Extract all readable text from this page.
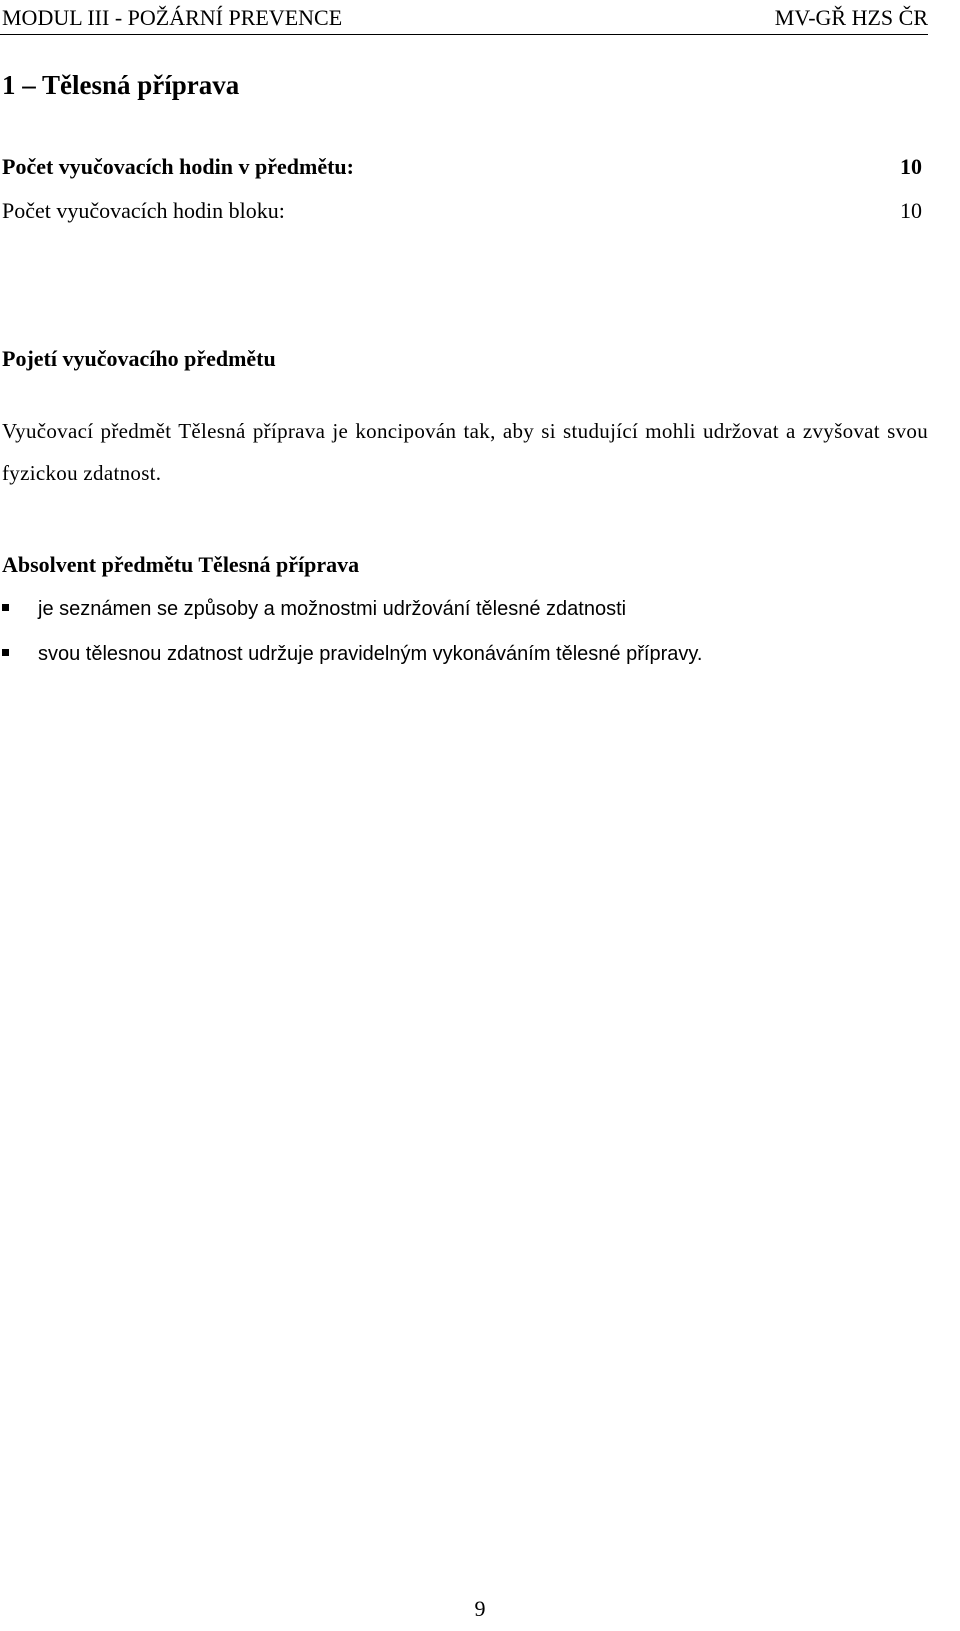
MODUL III - POŽÁRNÍ PREVENCE	MV-GŘ HZS ČR
1 – Tělesná příprava
Počet vyučovacích hodin v předmětu:	10
Počet vyučovacích hodin bloku:	10
Pojetí vyučovacího předmětu
Vyučovací předmět Tělesná příprava je koncipován tak, aby si studující mohli udržovat a zvyšovat svou fyzickou zdatnost.
Absolvent předmětu Tělesná příprava
je seznámen se způsoby a možnostmi udržování tělesné zdatnosti
svou tělesnou zdatnost udržuje pravidelným vykonáváním tělesné přípravy.
9
